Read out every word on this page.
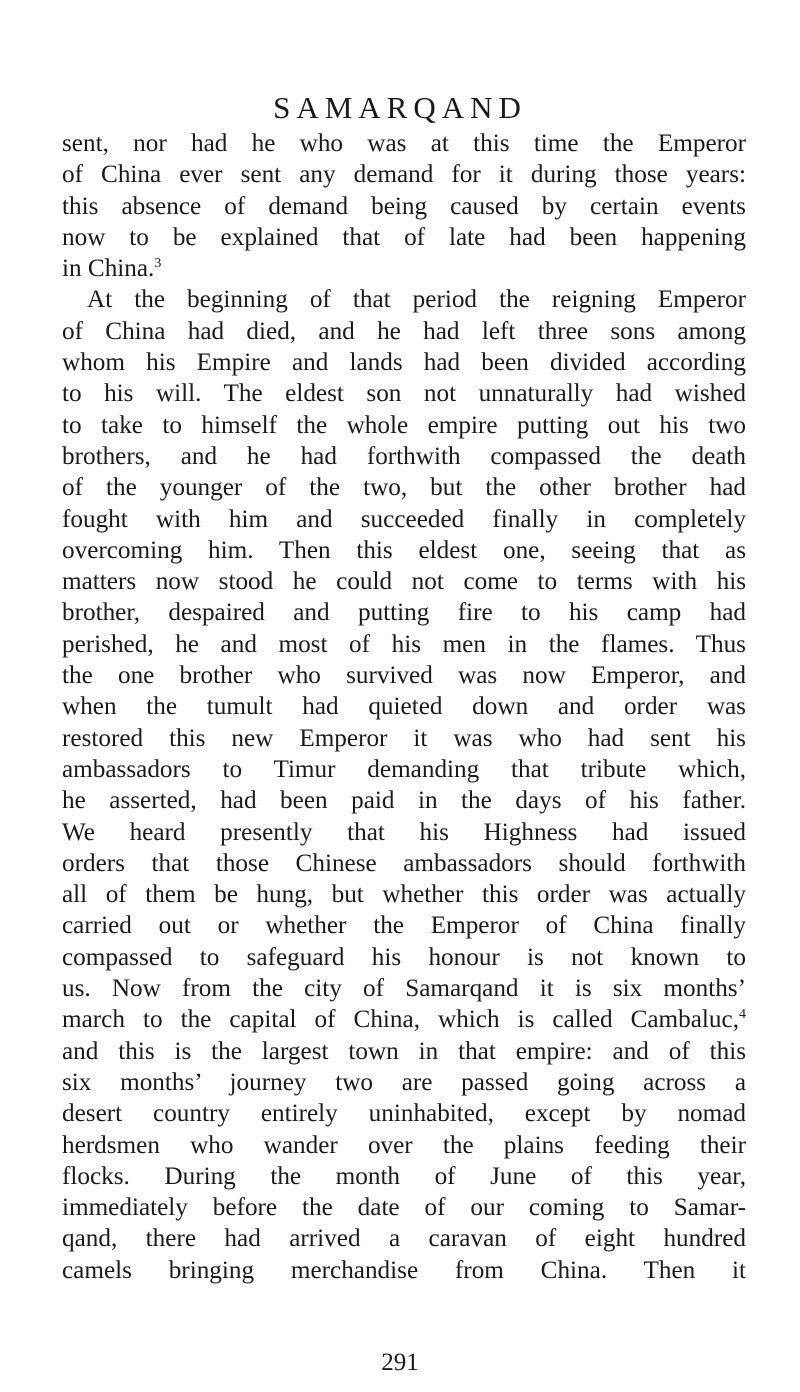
SAMARQAND
sent, nor had he who was at this time the Emperor
of China ever sent any demand for it during those years:
this absence of demand being caused by certain events
now to be explained that of late had been happening
in China.$^3$
At the beginning of that period the reigning Emperor
of China had died, and he had left three sons among
whom his Empire and lands had been divided according
to his will. The eldest son not unnaturally had wished
to take to himself the whole empire putting out his two
brothers, and he had forthwith compassed the death
of the younger of the two, but the other brother had
fought with him and succeeded finally in completely
overcoming him. Then this eldest one, seeing that as
matters now stood he could not come to terms with his
brother, despaired and putting fire to his camp had
perished, he and most of his men in the flames. Thus
the one brother who survived was now Emperor, and
when the tumult had quieted down and order was
restored this new Emperor it was who had sent his
ambassadors to Timur demanding that tribute which,
he asserted, had been paid in the days of his father.
We heard presently that his Highness had issued
orders that those Chinese ambassadors should forthwith
all of them be hung, but whether this order was actually
carried out or whether the Emperor of China finally
compassed to safeguard his honour is not known to
us. Now from the city of Samarqand it is six months’
march to the capital of China, which is called Cambaluc,$^4$
and this is the largest town in that empire: and of this
six months’ journey two are passed going across a
desert country entirely uninhabited, except by nomad
herdsmen who wander over the plains feeding their
flocks. During the month of June of this year,
immediately before the date of our coming to Samar-
qand, there had arrived a caravan of eight hundred
camels bringing merchandise from China. Then it
291
